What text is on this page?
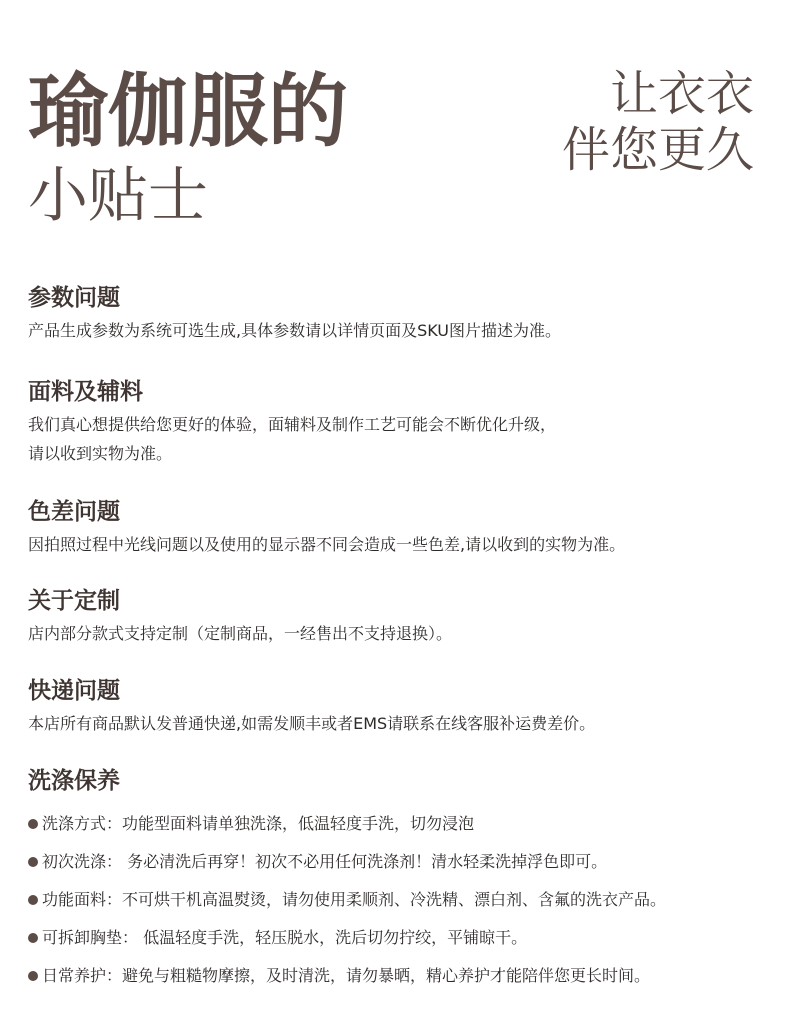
瑜伽服的
小贴士
让衣衣
伴您更久
参数问题

产品生成参数为系统可选生成,具体参数请以详情页面及SKU图片描述为准。

面料及辅料

我们真心想提供给您更好的体验，面辅料及制作工艺可能会不断优化升级，
请以收到实物为准。

色差问题

因拍照过程中光线问题以及使用的显示器不同会造成一些色差,请以收到的实物为准。

关于定制

店内部分款式支持定制（定制商品，一经售出不支持退换）。

快递问题

本店所有商品默认发普通快递,如需发顺丰或者EMS请联系在线客服补运费差价。

洗涤保养
洗涤方式：功能型面料请单独洗涤，低温轻度手洗，切勿浸泡
初次洗涤： 务必清洗后再穿！初次不必用任何洗涤剂！清水轻柔洗掉浮色即可。
功能面料：不可烘干机高温熨烫，请勿使用柔顺剂、冷洗精、漂白剂、含氟的洗衣产品。
可拆卸胸垫： 低温轻度手洗，轻压脱水，洗后切勿拧绞，平铺晾干。
日常养护：避免与粗糙物摩擦，及时清洗，请勿暴晒，精心养护才能陪伴您更长时间。
